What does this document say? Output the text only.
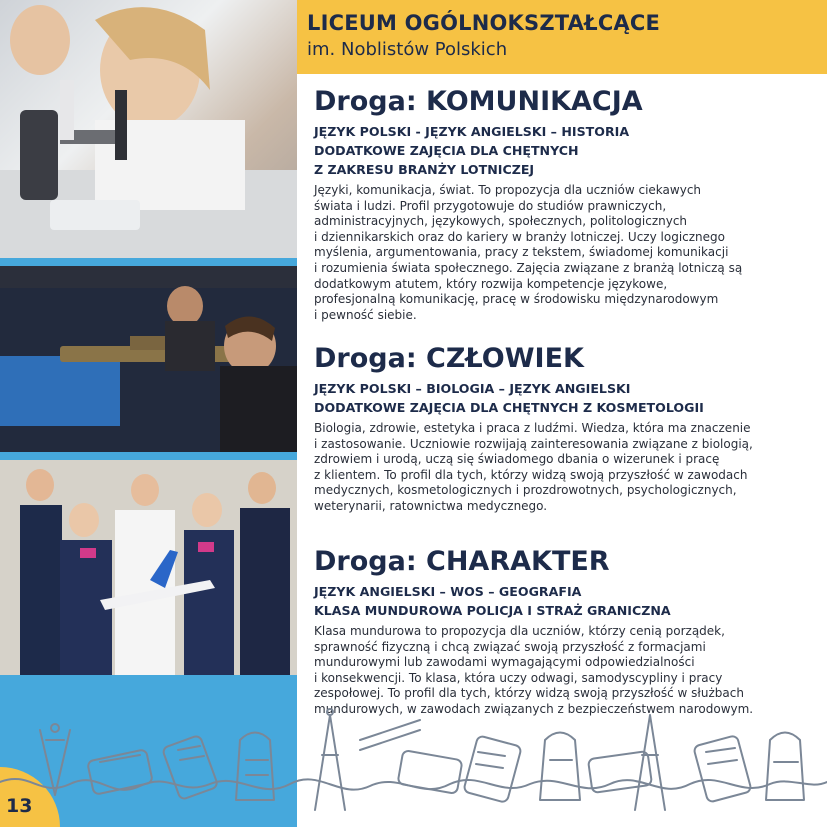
13
LICEUM OGÓLNOKSZTAŁCĄCE
im. Noblistów Polskich
Droga: KOMUNIKACJA
JĘZYK POLSKI - JĘZYK ANGIELSKI – HISTORIA
DODATKOWE ZAJĘCIA DLA CHĘTNYCH
Z ZAKRESU BRANŻY LOTNICZEJ
Języki, komunikacja, świat. To propozycja dla uczniów ciekawych
świata i ludzi. Profil przygotowuje do studiów prawniczych,
administracyjnych, językowych, społecznych, politologicznych
i dziennikarskich oraz do kariery w branży lotniczej. Uczy logicznego
myślenia, argumentowania, pracy z tekstem, świadomej komunikacji
i rozumienia świata społecznego. Zajęcia związane z branżą lotniczą są
dodatkowym atutem, który rozwija kompetencje językowe,
profesjonalną komunikację, pracę w środowisku międzynarodowym
i pewność siebie.
Droga: CZŁOWIEK
JĘZYK POLSKI – BIOLOGIA – JĘZYK ANGIELSKI
DODATKOWE ZAJĘCIA DLA CHĘTNYCH Z KOSMETOLOGII
Biologia, zdrowie, estetyka i praca z ludźmi. Wiedza, która ma znaczenie
i zastosowanie. Uczniowie rozwijają zainteresowania związane z biologią,
zdrowiem i urodą, uczą się świadomego dbania o wizerunek i pracę
z klientem. To profil dla tych, którzy widzą swoją przyszłość w zawodach
medycznych, kosmetologicznych i prozdrowotnych, psychologicznych,
weterynarii, ratownictwa medycznego.
Droga: CHARAKTER
JĘZYK ANGIELSKI – WOS – GEOGRAFIA
KLASA MUNDUROWA POLICJA I STRAŻ GRANICZNA
Klasa mundurowa to propozycja dla uczniów, którzy cenią porządek,
sprawność fizyczną i chcą związać swoją przyszłość z formacjami
mundurowymi lub zawodami wymagającymi odpowiedzialności
i konsekwencji. To klasa, która uczy odwagi, samodyscypliny i pracy
zespołowej. To profil dla tych, którzy widzą swoją przyszłość w służbach
mundurowych, w zawodach związanych z bezpieczeństwem narodowym.
